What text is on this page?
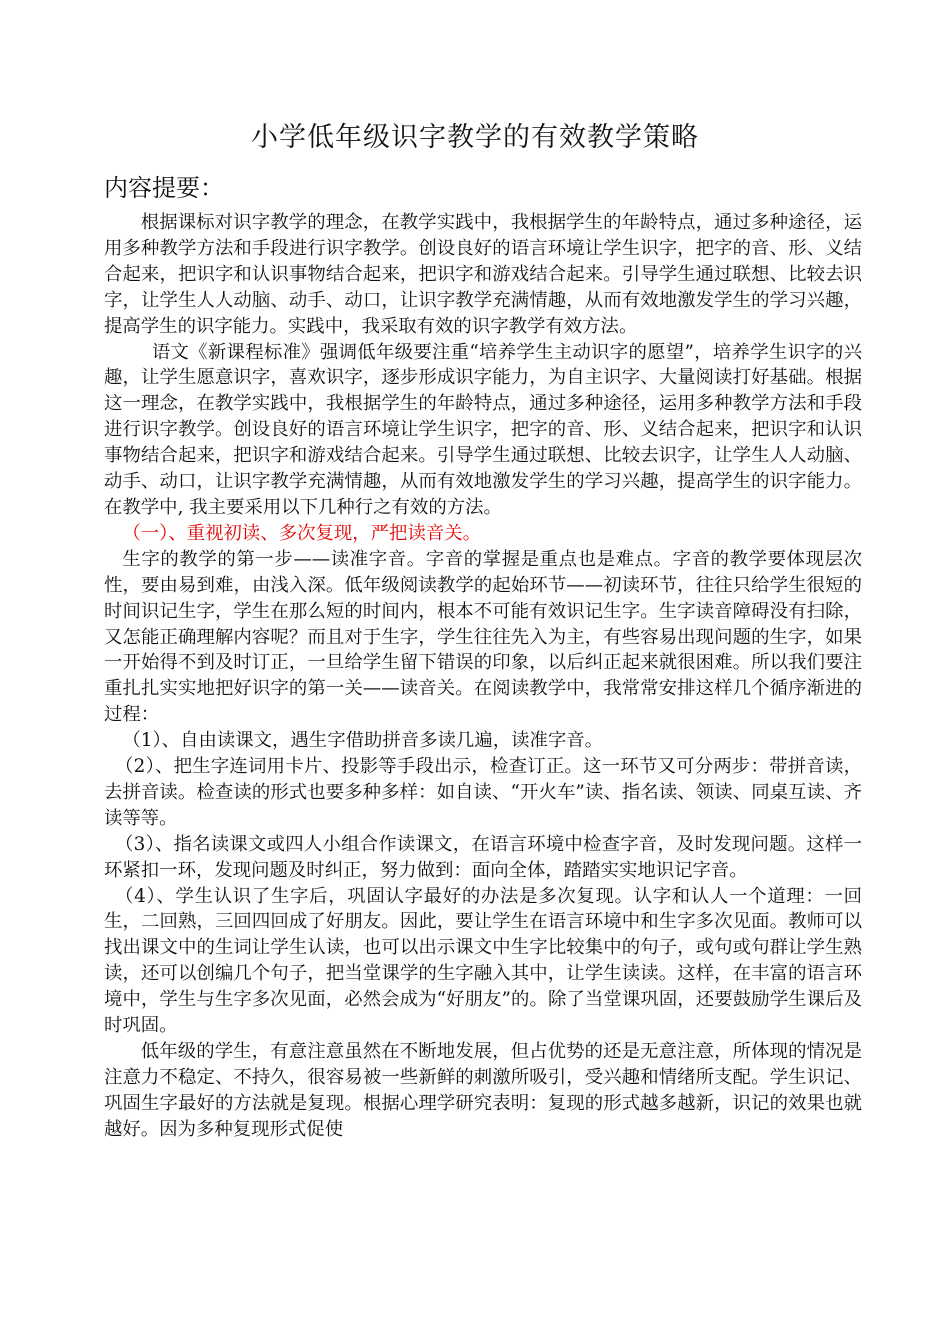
小学低年级识字教学的有效教学策略
内容提要：

根据课标对识字教学的理念，在教学实践中，我根据学生的年龄特点，通过多种途径，运用多种教学方法和手段进行识字教学。创设良好的语言环境让学生识字，把字的音、形、义结合起来，把识字和认识事物结合起来，把识字和游戏结合起来。引导学生通过联想、比较去识字，让学生人人动脑、动手、动口，让识字教学充满情趣，从而有效地激发学生的学习兴趣，提高学生的识字能力。实践中，我采取有效的识字教学有效方法。

语文《新课程标准》强调低年级要注重“培养学生主动识字的愿望”，培养学生识字的兴趣，让学生愿意识字，喜欢识字，逐步形成识字能力，为自主识字、大量阅读打好基础。根据这一理念，在教学实践中，我根据学生的年龄特点，通过多种途径，运用多种教学方法和手段进行识字教学。创设良好的语言环境让学生识字，把字的音、形、义结合起来，把识字和认识事物结合起来，把识字和游戏结合起来。引导学生通过联想、比较去识字，让学生人人动脑、动手、动口，让识字教学充满情趣，从而有效地激发学生的学习兴趣，提高学生的识字能力。   在教学中, 我主要采用以下几种行之有效的方法。

（一）、重视初读、多次复现，严把读音关。

生字的教学的第一步——读准字音。字音的掌握是重点也是难点。字音的教学要体现层次性，要由易到难，由浅入深。低年级阅读教学的起始环节——初读环节，往往只给学生很短的时间识记生字，学生在那么短的时间内，根本不可能有效识记生字。生字读音障碍没有扫除，又怎能正确理解内容呢？而且对于生字，学生往往先入为主，有些容易出现问题的生字，如果一开始得不到及时订正，一旦给学生留下错误的印象，以后纠正起来就很困难。所以我们要注重扎扎实实地把好识字的第一关——读音关。在阅读教学中，我常常安排这样几个循序渐进的过程：

（1）、自由读课文，遇生字借助拼音多读几遍，读准字音。

（2）、把生字连词用卡片、投影等手段出示，检查订正。这一环节又可分两步：带拼音读，去拼音读。检查读的形式也要多种多样：如自读、“开火车”读、指名读、领读、同桌互读、齐读等等。

（3）、指名读课文或四人小组合作读课文，在语言环境中检查字音，及时发现问题。这样一环紧扣一环，发现问题及时纠正，努力做到：面向全体，踏踏实实地识记字音。

（4）、学生认识了生字后，巩固认字最好的办法是多次复现。认字和认人一个道理：一回生，二回熟，三回四回成了好朋友。因此，要让学生在语言环境中和生字多次见面。教师可以找出课文中的生词让学生认读，也可以出示课文中生字比较集中的句子，或句或句群让学生熟读，还可以创编几个句子，把当堂课学的生字融入其中，让学生读读。这样，在丰富的语言环境中，学生与生字多次见面，必然会成为“好朋友”的。除了当堂课巩固，还要鼓励学生课后及时巩固。

低年级的学生，有意注意虽然在不断地发展，但占优势的还是无意注意，所体现的情况是注意力不稳定、不持久，很容易被一些新鲜的刺激所吸引，受兴趣和情绪所支配。学生识记、巩固生字最好的方法就是复现。根据心理学研究表明：复现的形式越多越新，识记的效果也就越好。因为多种复现形式促使
